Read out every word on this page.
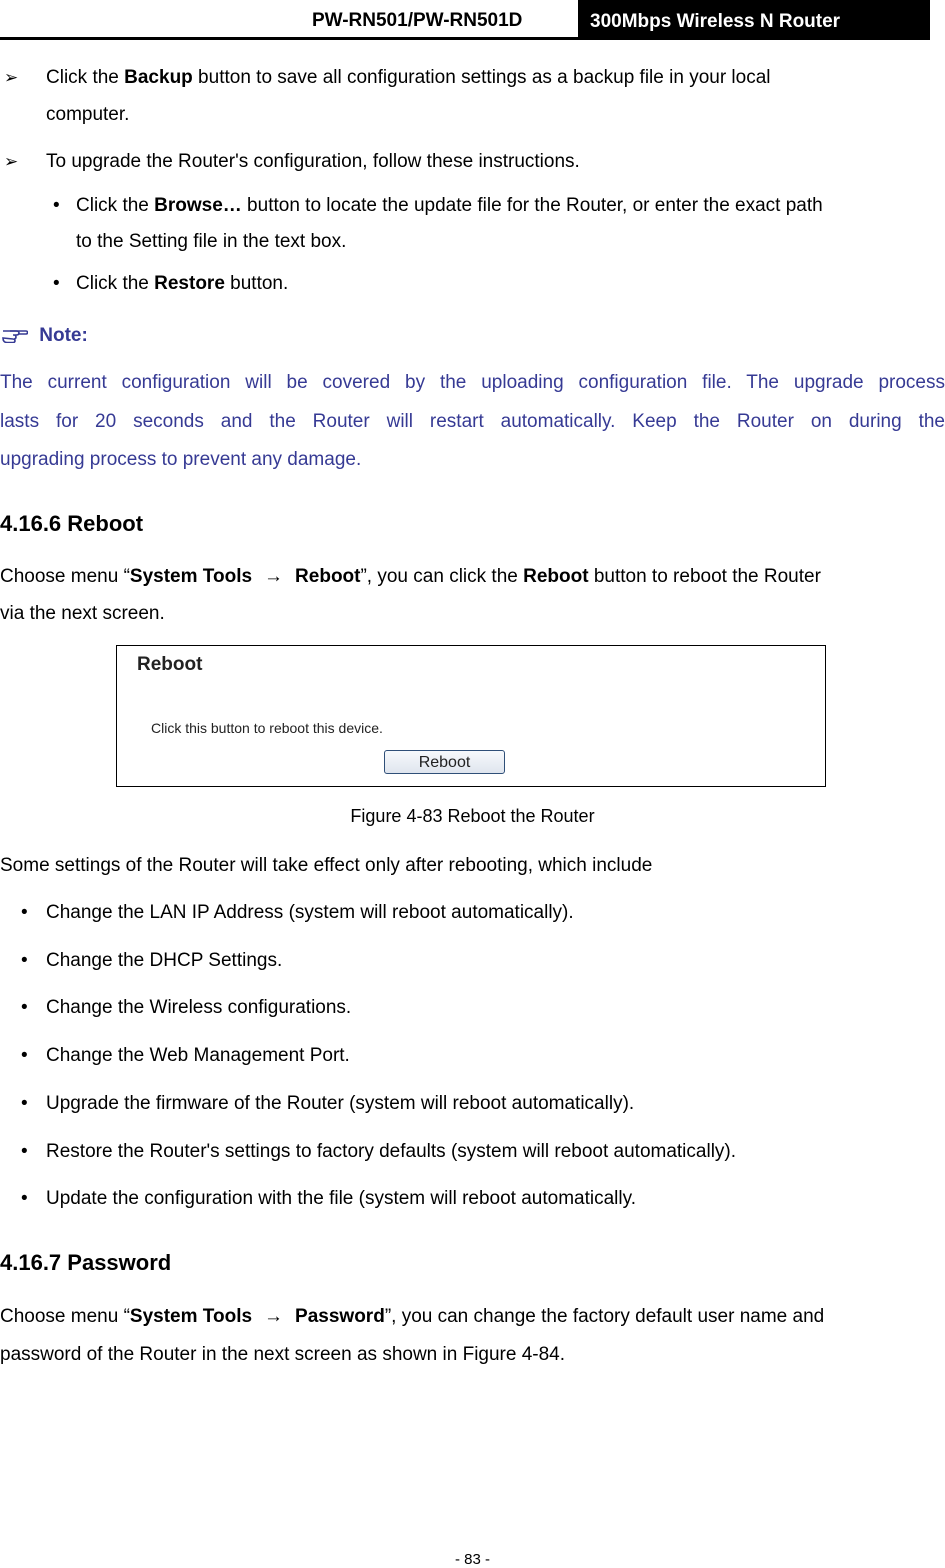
PW-RN501/PW-RN501D	300Mbps Wireless N Router
➢ Click the Backup button to save all configuration settings as a backup file in your local
computer.
➢ To upgrade the Router's configuration, follow these instructions.
• Click the Browse… button to locate the update file for the Router, or enter the exact path
to the Setting file in the text box.
• Click the Restore button.
Note:
The current configuration will be covered by the uploading configuration file. The upgrade process
lasts for 20 seconds and the Router will restart automatically. Keep the Router on during the
upgrading process to prevent any damage.
4.16.6 Reboot
Choose menu “System Tools → Reboot”, you can click the Reboot button to reboot the Router
via the next screen.
Reboot
Click this button to reboot this device.
Reboot
Figure 4-83 Reboot the Router
Some settings of the Router will take effect only after rebooting, which include
• Change the LAN IP Address (system will reboot automatically).
• Change the DHCP Settings.
• Change the Wireless configurations.
• Change the Web Management Port.
• Upgrade the firmware of the Router (system will reboot automatically).
• Restore the Router's settings to factory defaults (system will reboot automatically).
• Update the configuration with the file (system will reboot automatically.
4.16.7 Password
Choose menu “System Tools → Password”, you can change the factory default user name and
password of the Router in the next screen as shown in Figure 4-84.
- 83 -
